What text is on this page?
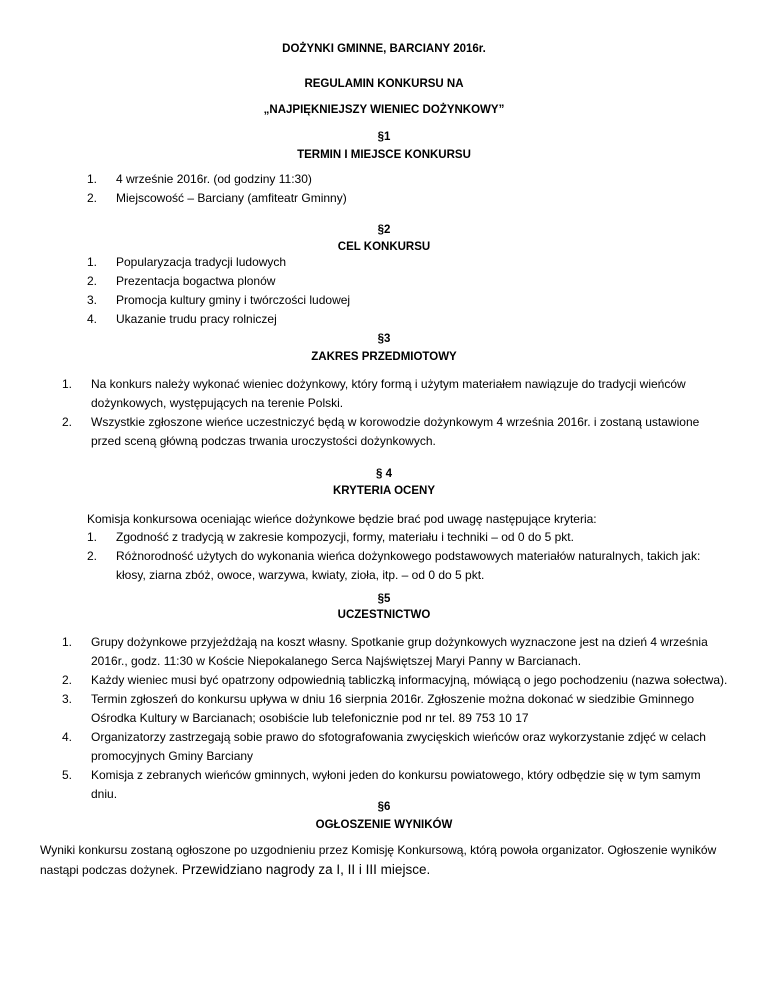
DOŻYNKI GMINNE, BARCIANY 2016r.
REGULAMIN KONKURSU NA
„NAJPIĘKNIEJSZY WIENIEC DOŻYNKOWY”
§1
TERMIN I MIEJSCE KONKURSU
1. 4 wrześnie 2016r. (od godziny 11:30)
2. Miejscowość – Barciany (amfiteatr Gminny)
§2
CEL KONKURSU
1. Popularyzacja tradycji ludowych
2. Prezentacja bogactwa plonów
3. Promocja kultury gminy i twórczości ludowej
4. Ukazanie trudu pracy rolniczej
§3
ZAKRES PRZEDMIOTOWY
1. Na konkurs należy wykonać wieniec dożynkowy, który formą i użytym materiałem nawiązuje do tradycji wieńców dożynkowych, występujących na terenie Polski.
2. Wszystkie zgłoszone wieńce uczestniczyć będą w korowodzie dożynkowym 4 września 2016r. i zostaną ustawione przed sceną główną podczas trwania uroczystości dożynkowych.
§ 4
KRYTERIA OCENY
Komisja konkursowa oceniając wieńce dożynkowe będzie brać pod uwagę następujące kryteria:
1. Zgodność z tradycją w zakresie kompozycji, formy, materiału i techniki – od 0 do 5 pkt.
2. Różnorodność użytych do wykonania wieńca dożynkowego podstawowych materiałów naturalnych, takich jak: kłosy, ziarna zbóż, owoce, warzywa, kwiaty, zioła, itp. – od 0 do 5 pkt.
§5
UCZESTNICTWO
1. Grupy dożynkowe przyjeżdżają na koszt własny. Spotkanie grup dożynkowych wyznaczone jest na dzień 4 września 2016r., godz. 11:30 w Koście Niepokalanego Serca Najświętszej Maryi Panny w Barcianach.
2. Każdy wieniec musi być opatrzony odpowiednią tabliczką informacyjną, mówiącą o jego pochodzeniu (nazwa sołectwa).
3. Termin zgłoszeń do konkursu upływa w dniu 16 sierpnia 2016r. Zgłoszenie można dokonać w siedzibie Gminnego Ośrodka Kultury w Barcianach; osobiście lub telefonicznie pod nr tel. 89 753 10 17
4. Organizatorzy zastrzegają sobie prawo do sfotografowania zwycięskich wieńców oraz wykorzystanie zdjęć w celach promocyjnych Gminy Barciany
5. Komisja z zebranych wieńców gminnych, wyłoni jeden do konkursu powiatowego, który odbędzie się w tym samym dniu.
§6
OGŁOSZENIE WYNIKÓW
Wyniki konkursu zostaną ogłoszone po uzgodnieniu przez Komisję Konkursową, którą powoła organizator. Ogłoszenie wyników nastąpi podczas dożynek. Przewidziano nagrody za I, II i III miejsce.
